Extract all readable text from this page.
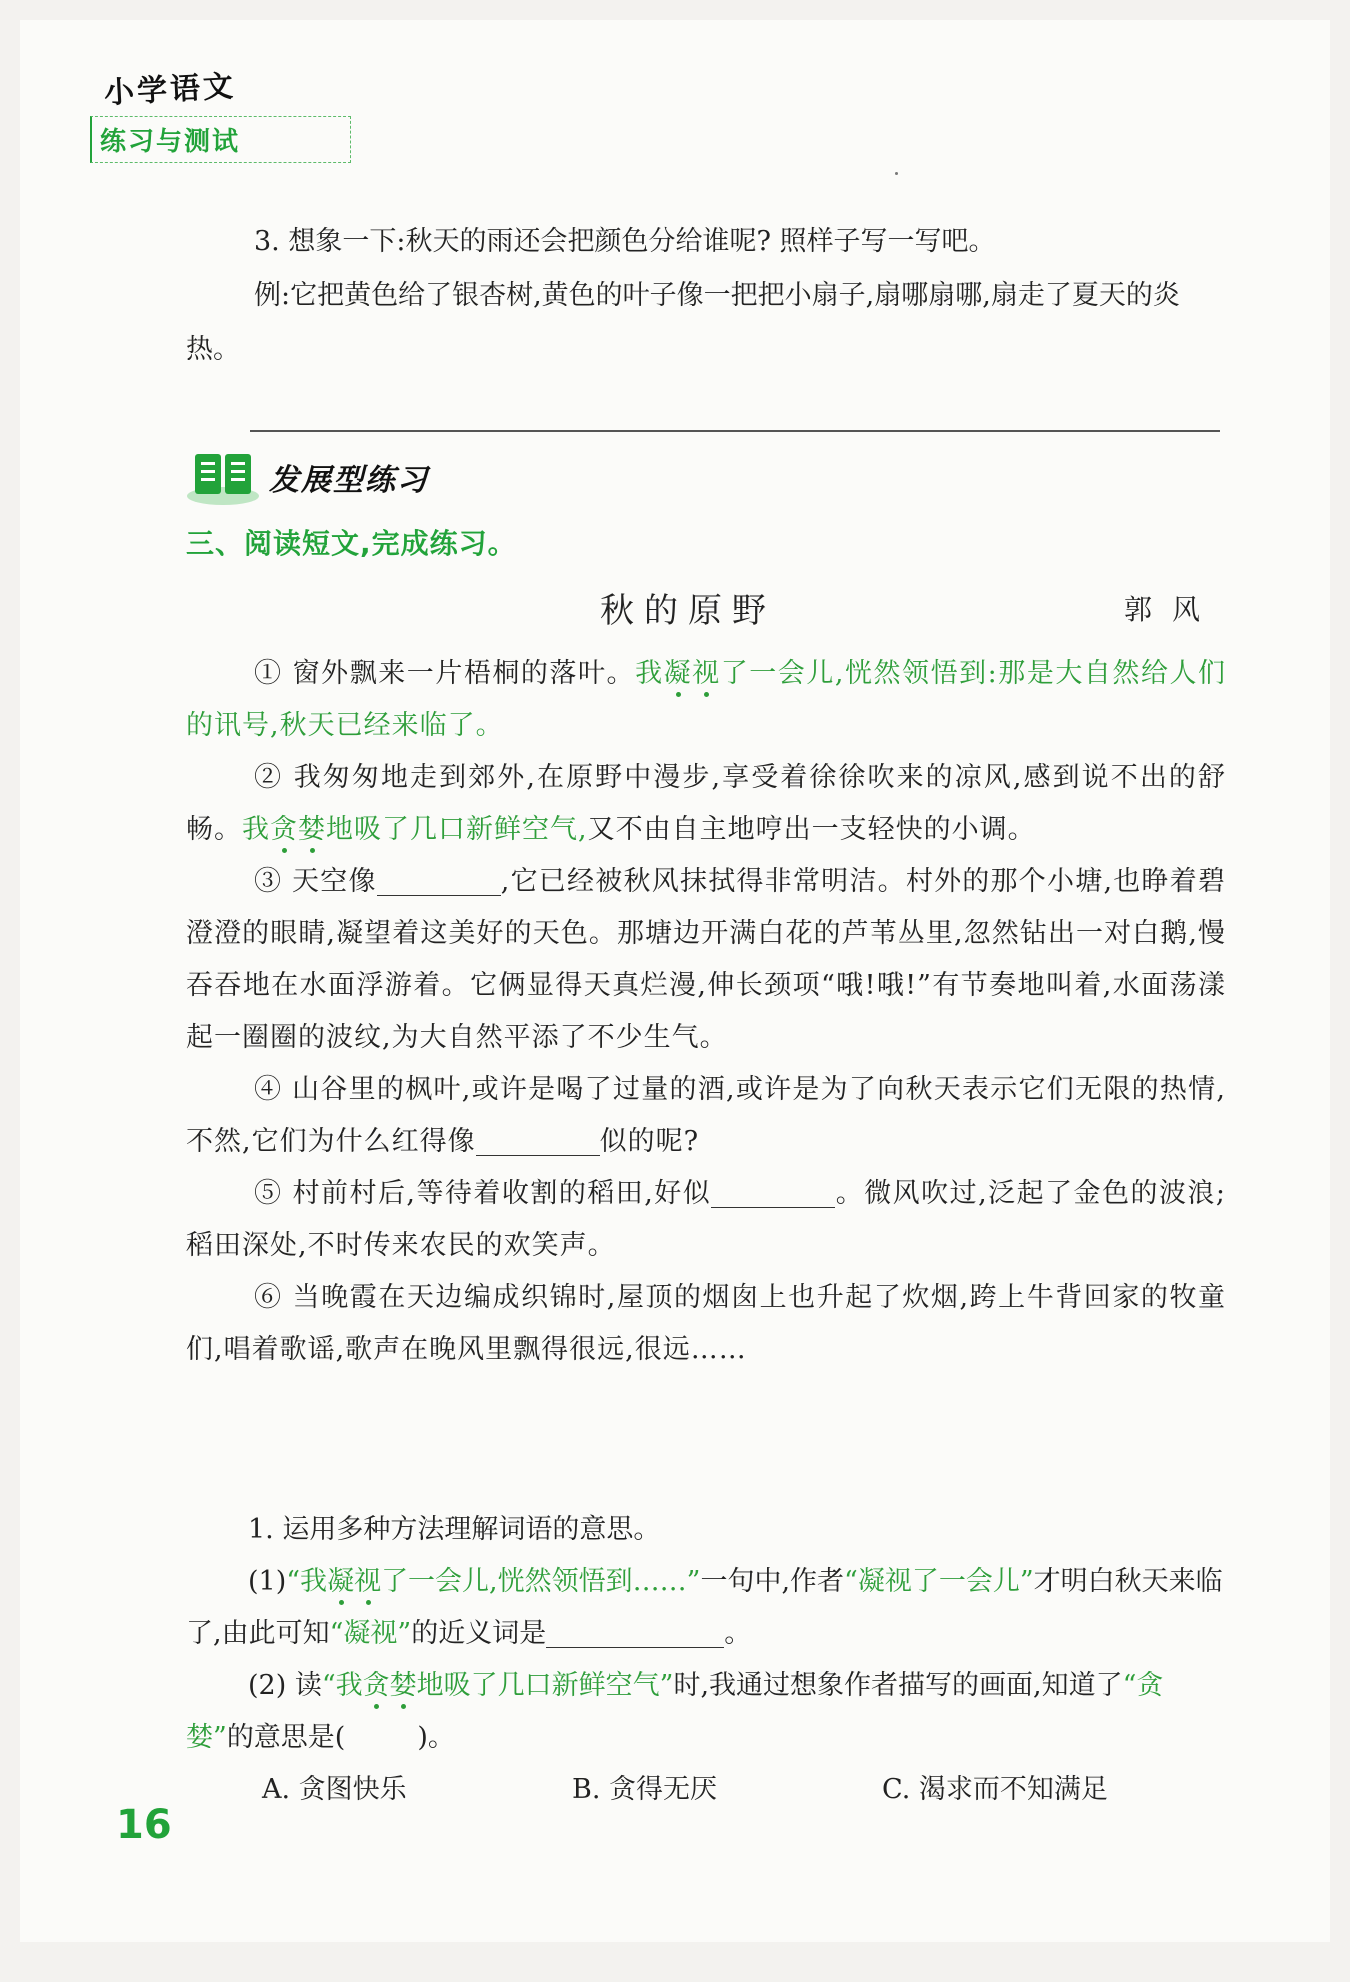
小学语文
练习与测试

3. 想象一下:秋天的雨还会把颜色分给谁呢? 照样子写一写吧。

例:它把黄色给了银杏树,黄色的叶子像一把把小扇子,扇哪扇哪,扇走了夏天的炎热。

发展型练习
三、阅读短文,完成练习。
秋的原野	郭风

① 窗外飘来一片梧桐的落叶。我凝视了一会儿,恍然领悟到:那是大自然给人们的讯号,秋天已经来临了。

② 我匆匆地走到郊外,在原野中漫步,享受着徐徐吹来的凉风,感到说不出的舒畅。我贪婪地吸了几口新鲜空气,又不由自主地哼出一支轻快的小调。

③ 天空像	,它已经被秋风抹拭得非常明洁。村外的那个小塘,也睁着碧澄澄的眼睛,凝望着这美好的天色。那塘边开满白花的芦苇丛里,忽然钻出一对白鹅,慢吞吞地在水面浮游着。它俩显得天真烂漫,伸长颈项“哦!哦!”有节奏地叫着,水面荡漾起一圈圈的波纹,为大自然平添了不少生气。

④ 山谷里的枫叶,或许是喝了过量的酒,或许是为了向秋天表示它们无限的热情,不然,它们为什么红得像	似的呢?

⑤ 村前村后,等待着收割的稻田,好似	。微风吹过,泛起了金色的波浪;稻田深处,不时传来农民的欢笑声。

⑥ 当晚霞在天边编成织锦时,屋顶的烟囱上也升起了炊烟,跨上牛背回家的牧童们,唱着歌谣,歌声在晚风里飘得很远,很远……

1. 运用多种方法理解词语的意思。

(1)“我凝视了一会儿,恍然领悟到……”一句中,作者“凝视了一会儿”才明白秋天来临了,由此可知“凝视”的近义词是	。

(2) 读“我贪婪地吸了几口新鲜空气”时,我通过想象作者描写的画面,知道了“贪婪”的意思是(	)。

A. 贪图快乐	B. 贪得无厌	C. 渴求而不知满足
16
